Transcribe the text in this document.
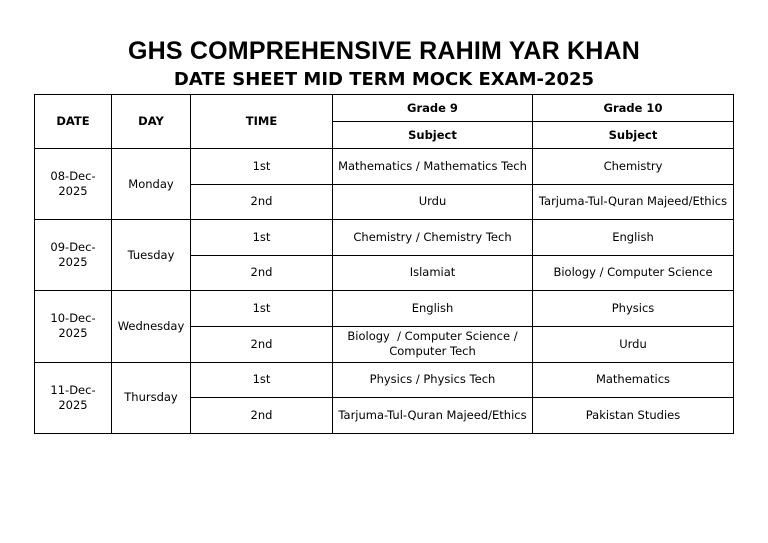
GHS COMPREHENSIVE RAHIM YAR KHAN
DATE SHEET MID TERM MOCK EXAM-2025
DATE	DAY	TIME	Grade 9	Grade 10
			Subject	Subject
08-Dec-2025	Monday	1st	Mathematics / Mathematics Tech	Chemistry
		2nd	Urdu	Tarjuma-Tul-Quran Majeed/Ethics
09-Dec-2025	Tuesday	1st	Chemistry / Chemistry Tech	English
		2nd	Islamiat	Biology / Computer Science
10-Dec-2025	Wednesday	1st	English	Physics
		2nd	Biology  / Computer Science / Computer Tech	Urdu
11-Dec-2025	Thursday	1st	Physics / Physics Tech	Mathematics
		2nd	Tarjuma-Tul-Quran Majeed/Ethics	Pakistan Studies
